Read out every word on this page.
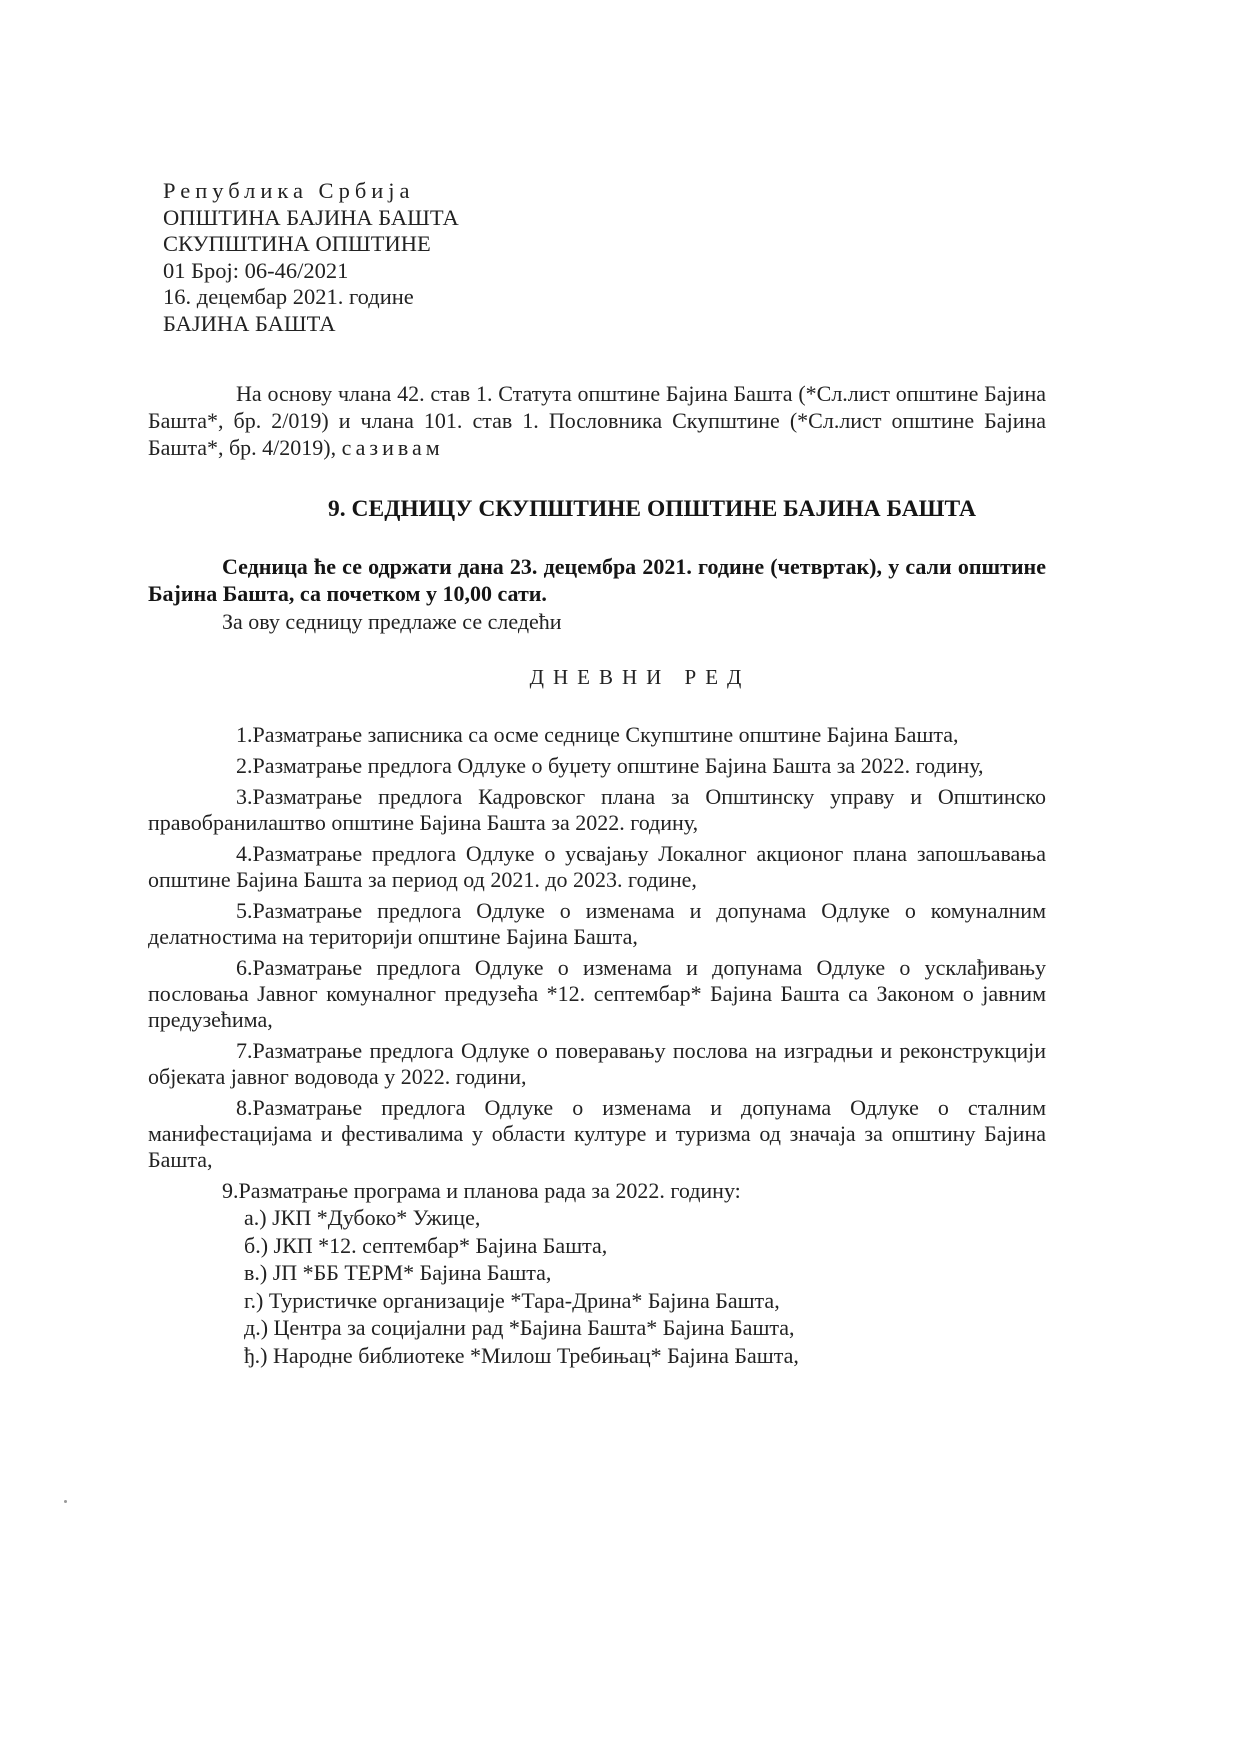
Република Србија
ОПШТИНА БАЈИНА БАШТА
СКУПШТИНА ОПШТИНЕ
01 Број: 06-46/2021
16. децембар 2021. године
БАЈИНА БАШТА
На основу члана 42. став 1. Статута општине Бајина Башта (*Сл.лист општине Бајина Башта*, бр. 2/019) и члана 101. став 1. Пословника Скупштине (*Сл.лист општине Бајина Башта*, бр. 4/2019), сазивам
9. СЕДНИЦУ СКУПШТИНЕ ОПШТИНЕ БАЈИНА БАШТА
Седница ће се одржати дана 23. децембра 2021. године (четвртак), у сали општине Бајина Башта, са почетком у 10,00 сати.
За ову седницу предлаже се следећи
ДНЕВНИ РЕД
1.Разматрање записника са осме седнице Скупштине општине Бајина Башта,
2.Разматрање предлога Одлуке о буџету општине Бајина Башта за 2022. годину,
3.Разматрање предлога Кадровског плана за Општинску управу и Општинско правобранилаштво општине Бајина Башта за 2022. годину,
4.Разматрање предлога Одлуке о усвајању Локалног акционог плана запошљавања општине Бајина Башта за период од 2021. до 2023. године,
5.Разматрање предлога Одлуке о изменама и допунама Одлуке о комуналним делатностима на територији општине Бајина Башта,
6.Разматрање предлога Одлуке о изменама и допунама Одлуке о усклађивању пословања Јавног комуналног предузећа *12. септембар* Бајина Башта са Законом о јавним предузећима,
7.Разматрање предлога Одлуке о поверавању послова на изградњи и реконструкцији објеката јавног водовода у 2022. години,
8.Разматрање предлога Одлуке о изменама и допунама Одлуке о сталним манифестацијама и фестивалима у области културе и туризма од значаја за општину Бајина Башта,
9.Разматрање програма и планова рада за 2022. годину:
а.) ЈКП *Дубоко* Ужице,
б.) ЈКП *12. септембар* Бајина Башта,
в.) ЈП *ББ ТЕРМ* Бајина Башта,
г.) Туристичке организације *Тара-Дрина* Бајина Башта,
д.) Центра за социјални рад *Бајина Башта* Бајина Башта,
ђ.) Народне библиотеке *Милош Требињац* Бајина Башта,
